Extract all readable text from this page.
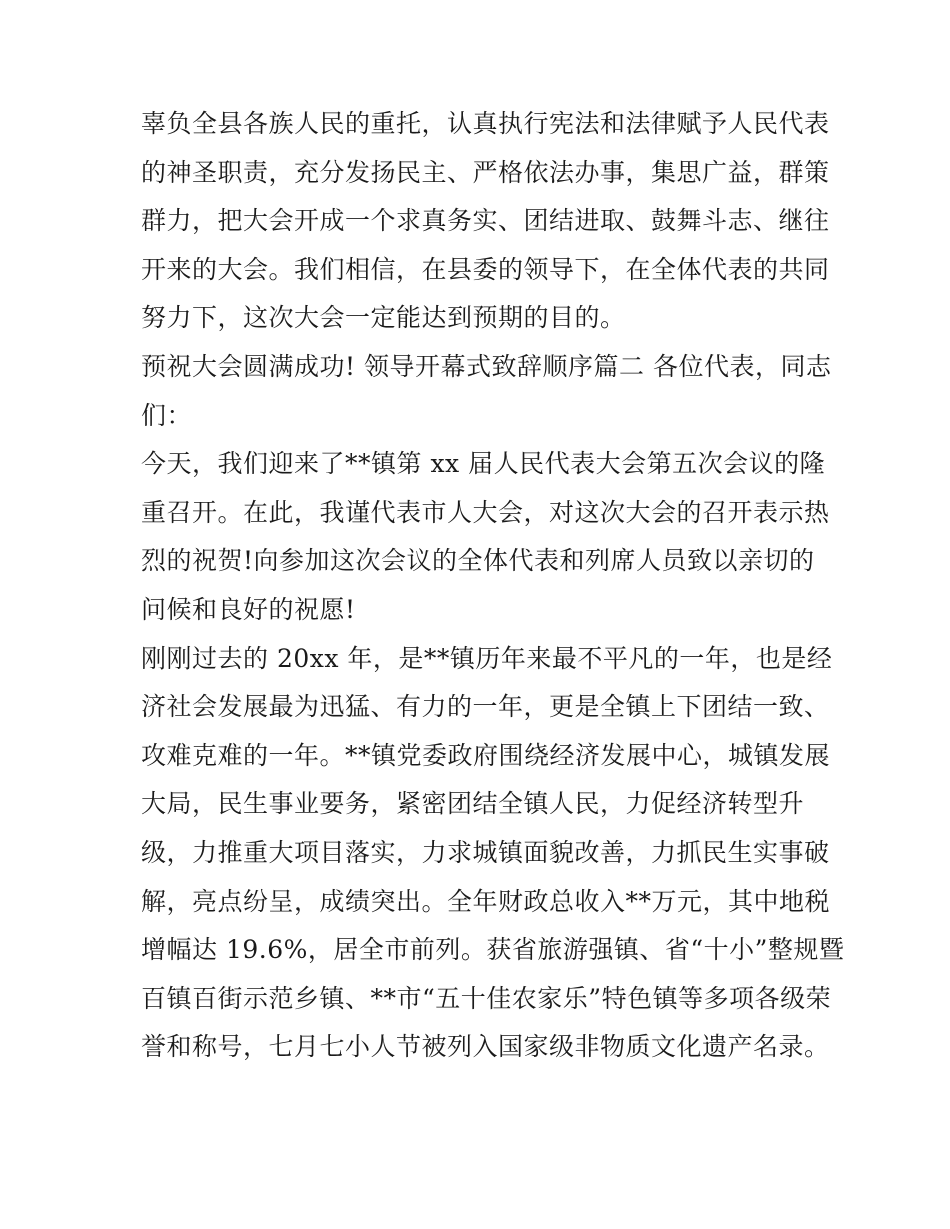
辜负全县各族人民的重托，认真执行宪法和法律赋予人民代表
的神圣职责，充分发扬民主、严格依法办事，集思广益，群策
群力，把大会开成一个求真务实、团结进取、鼓舞斗志、继往
开来的大会。我们相信，在县委的领导下，在全体代表的共同
努力下，这次大会一定能达到预期的目的。
预祝大会圆满成功! 领导开幕式致辞顺序篇二 各位代表，同志
们：
今天，我们迎来了**镇第 xx 届人民代表大会第五次会议的隆
重召开。在此，我谨代表市人大会，对这次大会的召开表示热
烈的祝贺!向参加这次会议的全体代表和列席人员致以亲切的
问候和良好的祝愿!
刚刚过去的 20xx 年，是**镇历年来最不平凡的一年，也是经
济社会发展最为迅猛、有力的一年，更是全镇上下团结一致、
攻难克难的一年。**镇党委政府围绕经济发展中心，城镇发展
大局，民生事业要务，紧密团结全镇人民，力促经济转型升
级，力推重大项目落实，力求城镇面貌改善，力抓民生实事破
解，亮点纷呈，成绩突出。全年财政总收入**万元，其中地税
增幅达 19.6%，居全市前列。获省旅游强镇、省“十小”整规暨
百镇百街示范乡镇、**市“五十佳农家乐”特色镇等多项各级荣
誉和称号，七月七小人节被列入国家级非物质文化遗产名录。
